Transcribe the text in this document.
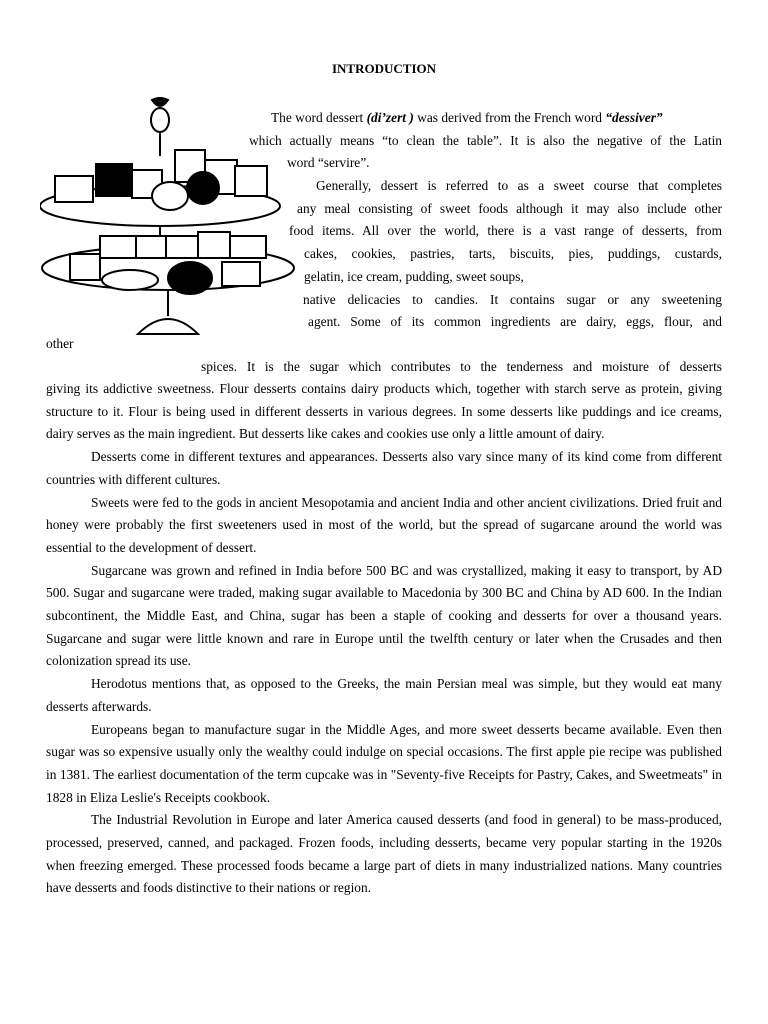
INTRODUCTION
The word dessert (di’zert ) was derived from the French word “dessiver”
which actually means “to clean the table”. It is also the negative of the Latin
word “servire”.
Generally, dessert is referred to as a sweet course that completes
any meal consisting of sweet foods although it may also include other
food items. All over the world, there is a vast range of desserts, from
cakes, cookies, pastries, tarts, biscuits, pies, puddings, custards,
gelatin, ice cream, pudding, sweet soups,
native delicacies to candies. It contains sugar or any sweetening
agent. Some of its common ingredients are dairy, eggs, flour, and
other
spices. It is the sugar which contributes to the tenderness and moisture of desserts

giving its addictive sweetness. Flour desserts contains dairy products which, together with starch serve as protein, giving structure to it. Flour is being used in different desserts in various degrees. In some desserts like puddings and ice creams, dairy serves as the main ingredient. But desserts like cakes and cookies use only a little amount of dairy.

Desserts come in different textures and appearances. Desserts also vary since many of its kind come from different countries with different cultures.

Sweets were fed to the gods in ancient Mesopotamia and ancient India and other ancient civilizations. Dried fruit and honey were probably the first sweeteners used in most of the world, but the spread of sugarcane around the world was essential to the development of dessert.

Sugarcane was grown and refined in India before 500 BC and was crystallized, making it easy to transport, by AD 500. Sugar and sugarcane were traded, making sugar available to Macedonia by 300 BC and China by AD 600. In the Indian subcontinent, the Middle East, and China, sugar has been a staple of cooking and desserts for over a thousand years. Sugarcane and sugar were little known and rare in Europe until the twelfth century or later when the Crusades and then colonization spread its use.

Herodotus mentions that, as opposed to the Greeks, the main Persian meal was simple, but they would eat many desserts afterwards.

Europeans began to manufacture sugar in the Middle Ages, and more sweet desserts became available. Even then sugar was so expensive usually only the wealthy could indulge on special occasions. The first apple pie recipe was published in 1381. The earliest documentation of the term cupcake was in "Seventy-five Receipts for Pastry, Cakes, and Sweetmeats" in 1828 in Eliza Leslie's Receipts cookbook.

The Industrial Revolution in Europe and later America caused desserts (and food in general) to be mass-produced, processed, preserved, canned, and packaged. Frozen foods, including desserts, became very popular starting in the 1920s when freezing emerged. These processed foods became a large part of diets in many industrialized nations. Many countries have desserts and foods distinctive to their nations or region.
